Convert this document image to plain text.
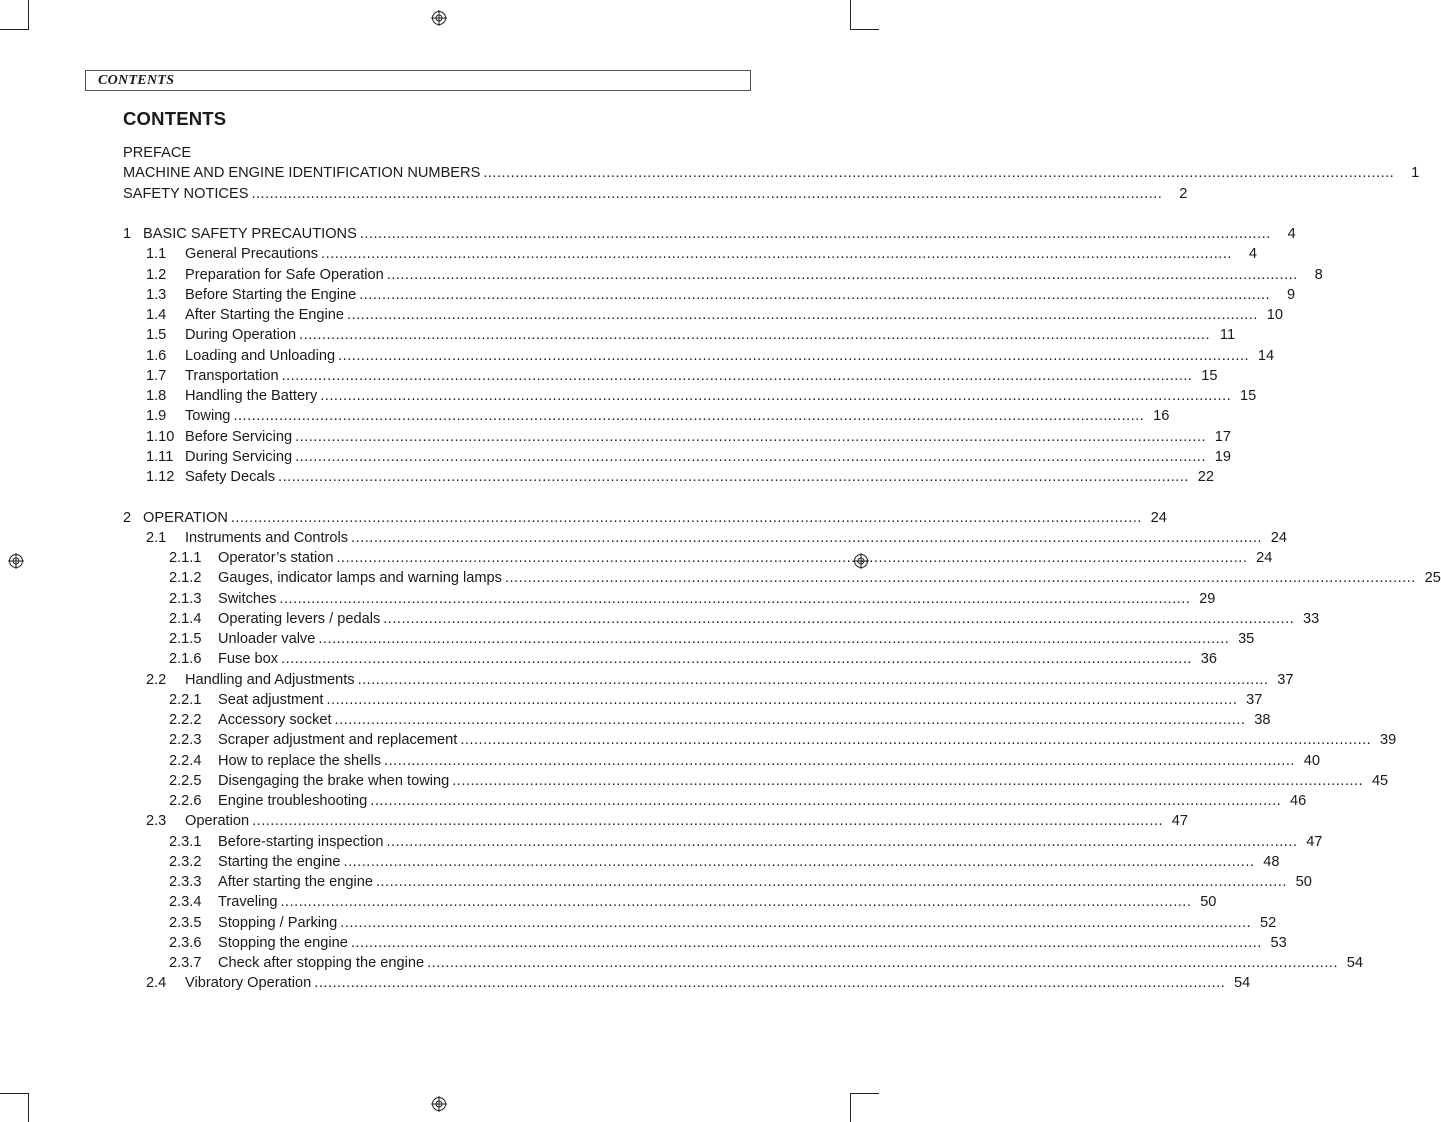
CONTENTS
CONTENTS
PREFACE
MACHINE AND ENGINE IDENTIFICATION NUMBERS ........................................................................................................................................................................................................	1
SAFETY NOTICES ........................................................................................................................................................................................................	2
1 BASIC SAFETY PRECAUTIONS ........................................................................................................................................................................................................	4
1.1	General Precautions ........................................................................................................................................................................................................	4
1.2	Preparation for Safe Operation ........................................................................................................................................................................................................	8
1.3	Before Starting the Engine ........................................................................................................................................................................................................	9
1.4	After Starting the Engine ........................................................................................................................................................................................................ 10
1.5	During Operation ........................................................................................................................................................................................................ 11
1.6	Loading and Unloading ........................................................................................................................................................................................................ 14
1.7	Transportation ........................................................................................................................................................................................................ 15
1.8	Handling the Battery ........................................................................................................................................................................................................ 15
1.9	Towing ........................................................................................................................................................................................................ 16
1.10 Before Servicing ........................................................................................................................................................................................................ 17
1.11 During Servicing ........................................................................................................................................................................................................ 19
1.12 Safety Decals ........................................................................................................................................................................................................ 22
2 OPERATION ........................................................................................................................................................................................................ 24
2.1	Instruments and Controls ........................................................................................................................................................................................................ 24
2.1.1	Operator’s station ........................................................................................................................................................................................................ 24
2.1.2	Gauges, indicator lamps and warning lamps ........................................................................................................................................................................................................ 25
2.1.3	Switches ........................................................................................................................................................................................................ 29
2.1.4	Operating levers / pedals ........................................................................................................................................................................................................ 33
2.1.5	Unloader valve ........................................................................................................................................................................................................ 35
2.1.6	Fuse box ........................................................................................................................................................................................................ 36
2.2	Handling and Adjustments ........................................................................................................................................................................................................ 37
2.2.1	Seat adjustment ........................................................................................................................................................................................................ 37
2.2.2	Accessory socket ........................................................................................................................................................................................................ 38
2.2.3	Scraper adjustment and replacement ........................................................................................................................................................................................................ 39
2.2.4	How to replace the shells ........................................................................................................................................................................................................ 40
2.2.5	Disengaging the brake when towing ........................................................................................................................................................................................................ 45
2.2.6	Engine troubleshooting ........................................................................................................................................................................................................ 46
2.3	Operation ........................................................................................................................................................................................................ 47
2.3.1	Before-starting inspection ........................................................................................................................................................................................................ 47
2.3.2	Starting the engine ........................................................................................................................................................................................................ 48
2.3.3	After starting the engine ........................................................................................................................................................................................................ 50
2.3.4	Traveling ........................................................................................................................................................................................................ 50
2.3.5	Stopping / Parking ........................................................................................................................................................................................................ 52
2.3.6	Stopping the engine ........................................................................................................................................................................................................ 53
2.3.7	Check after stopping the engine ........................................................................................................................................................................................................ 54
2.4	Vibratory Operation ........................................................................................................................................................................................................ 54
